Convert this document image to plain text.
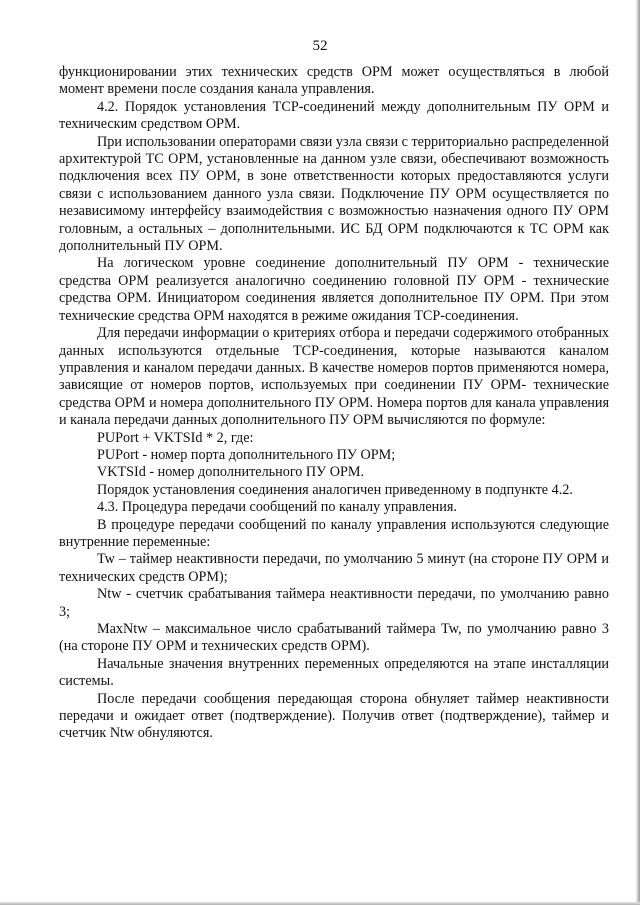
52

функционировании этих технических средств ОРМ может осуществляться в любой момент времени после создания канала управления.

4.2. Порядок установления TCP-соединений между дополнительным ПУ ОРМ и техническим средством ОРМ.

При использовании операторами связи узла связи с территориально распределенной архитектурой ТС ОРМ, установленные на данном узле связи, обеспечивают возможность подключения всех ПУ ОРМ, в зоне ответственности которых предоставляются услуги связи с использованием данного узла связи. Подключение ПУ ОРМ осуществляется по независимому интерфейсу взаимодействия с возможностью назначения одного ПУ ОРМ головным, а остальных – дополнительными. ИС БД ОРМ подключаются к ТС ОРМ как дополнительный ПУ ОРМ.

На логическом уровне соединение дополнительный ПУ ОРМ - технические средства ОРМ реализуется аналогично соединению головной ПУ ОРМ - технические средства ОРМ. Инициатором соединения является дополнительное ПУ ОРМ. При этом технические средства ОРМ находятся в режиме ожидания TCP-соединения.

Для передачи информации о критериях отбора и передачи содержимого отобранных данных используются отдельные TCP-соединения, которые называются каналом управления и каналом передачи данных. В качестве номеров портов применяются номера, зависящие от номеров портов, используемых при соединении ПУ ОРМ- технические средства ОРМ и номера дополнительного ПУ ОРМ. Номера портов для канала управления и канала передачи данных дополнительного ПУ ОРМ вычисляются по формуле:

PUPort + VKTSId * 2, где:

PUPort - номер порта дополнительного ПУ ОРМ;

VKTSId - номер дополнительного ПУ ОРМ.

Порядок установления соединения аналогичен приведенному в подпункте 4.2.

4.3. Процедура передачи сообщений по каналу управления.

В процедуре передачи сообщений по каналу управления используются следующие внутренние переменные:

Tw – таймер неактивности передачи, по умолчанию 5 минут (на стороне ПУ ОРМ и технических средств ОРМ);

Ntw - счетчик срабатывания таймера неактивности передачи, по умолчанию равно 3;

MaxNtw – максимальное число срабатываний таймера Tw, по умолчанию равно 3 (на стороне ПУ ОРМ и технических средств ОРМ).

Начальные значения внутренних переменных определяются на этапе инсталляции системы.

После передачи сообщения передающая сторона обнуляет таймер неактивности передачи и ожидает ответ (подтверждение). Получив ответ (подтверждение), таймер и счетчик Ntw обнуляются.
